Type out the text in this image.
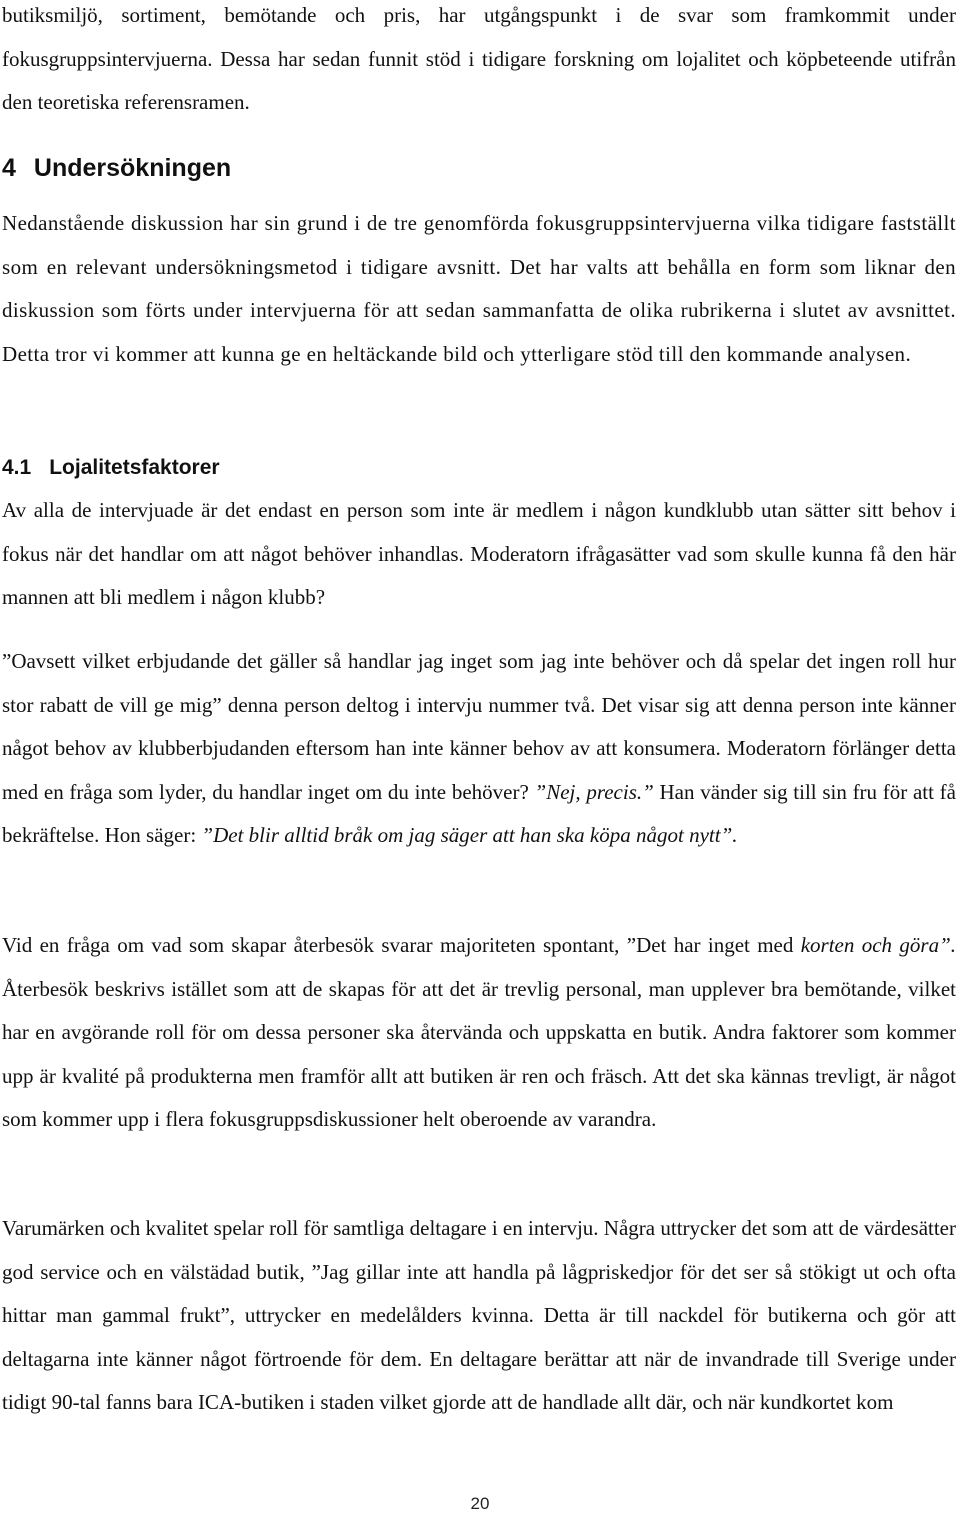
butiksmiljö, sortiment, bemötande och pris, har utgångspunkt i de svar som framkommit under fokusgruppsintervjuerna. Dessa har sedan funnit stöd i tidigare forskning om lojalitet och köpbeteende utifrån den teoretiska referensramen.

4 Undersökningen

Nedanstående diskussion har sin grund i de tre genomförda fokusgruppsintervjuerna vilka tidigare fastställt som en relevant undersökningsmetod i tidigare avsnitt. Det har valts att behålla en form som liknar den diskussion som förts under intervjuerna för att sedan sammanfatta de olika rubrikerna i slutet av avsnittet. Detta tror vi kommer att kunna ge en heltäckande bild och ytterligare stöd till den kommande analysen.

4.1 Lojalitetsfaktorer

Av alla de intervjuade är det endast en person som inte är medlem i någon kundklubb utan sätter sitt behov i fokus när det handlar om att något behöver inhandlas. Moderatorn ifrågasätter vad som skulle kunna få den här mannen att bli medlem i någon klubb?

”Oavsett vilket erbjudande det gäller så handlar jag inget som jag inte behöver och då spelar det ingen roll hur stor rabatt de vill ge mig” denna person deltog i intervju nummer två. Det visar sig att denna person inte känner något behov av klubberbjudanden eftersom han inte känner behov av att konsumera. Moderatorn förlänger detta med en fråga som lyder, du handlar inget om du inte behöver? ”Nej, precis.” Han vänder sig till sin fru för att få bekräftelse. Hon säger: ”Det blir alltid bråk om jag säger att han ska köpa något nytt”.

Vid en fråga om vad som skapar återbesök svarar majoriteten spontant, ”Det har inget med korten och göra”. Återbesök beskrivs istället som att de skapas för att det är trevlig personal, man upplever bra bemötande, vilket har en avgörande roll för om dessa personer ska återvända och uppskatta en butik. Andra faktorer som kommer upp är kvalité på produkterna men framför allt att butiken är ren och fräsch. Att det ska kännas trevligt, är något som kommer upp i flera fokusgruppsdiskussioner helt oberoende av varandra.

Varumärken och kvalitet spelar roll för samtliga deltagare i en intervju. Några uttrycker det som att de värdesätter god service och en välstädad butik, ”Jag gillar inte att handla på lågpriskedjor för det ser så stökigt ut och ofta hittar man gammal frukt”, uttrycker en medelålders kvinna. Detta är till nackdel för butikerna och gör att deltagarna inte känner något förtroende för dem. En deltagare berättar att när de invandrade till Sverige under tidigt 90-tal fanns bara ICA-butiken i staden vilket gjorde att de handlade allt där, och när kundkortet kom

20
